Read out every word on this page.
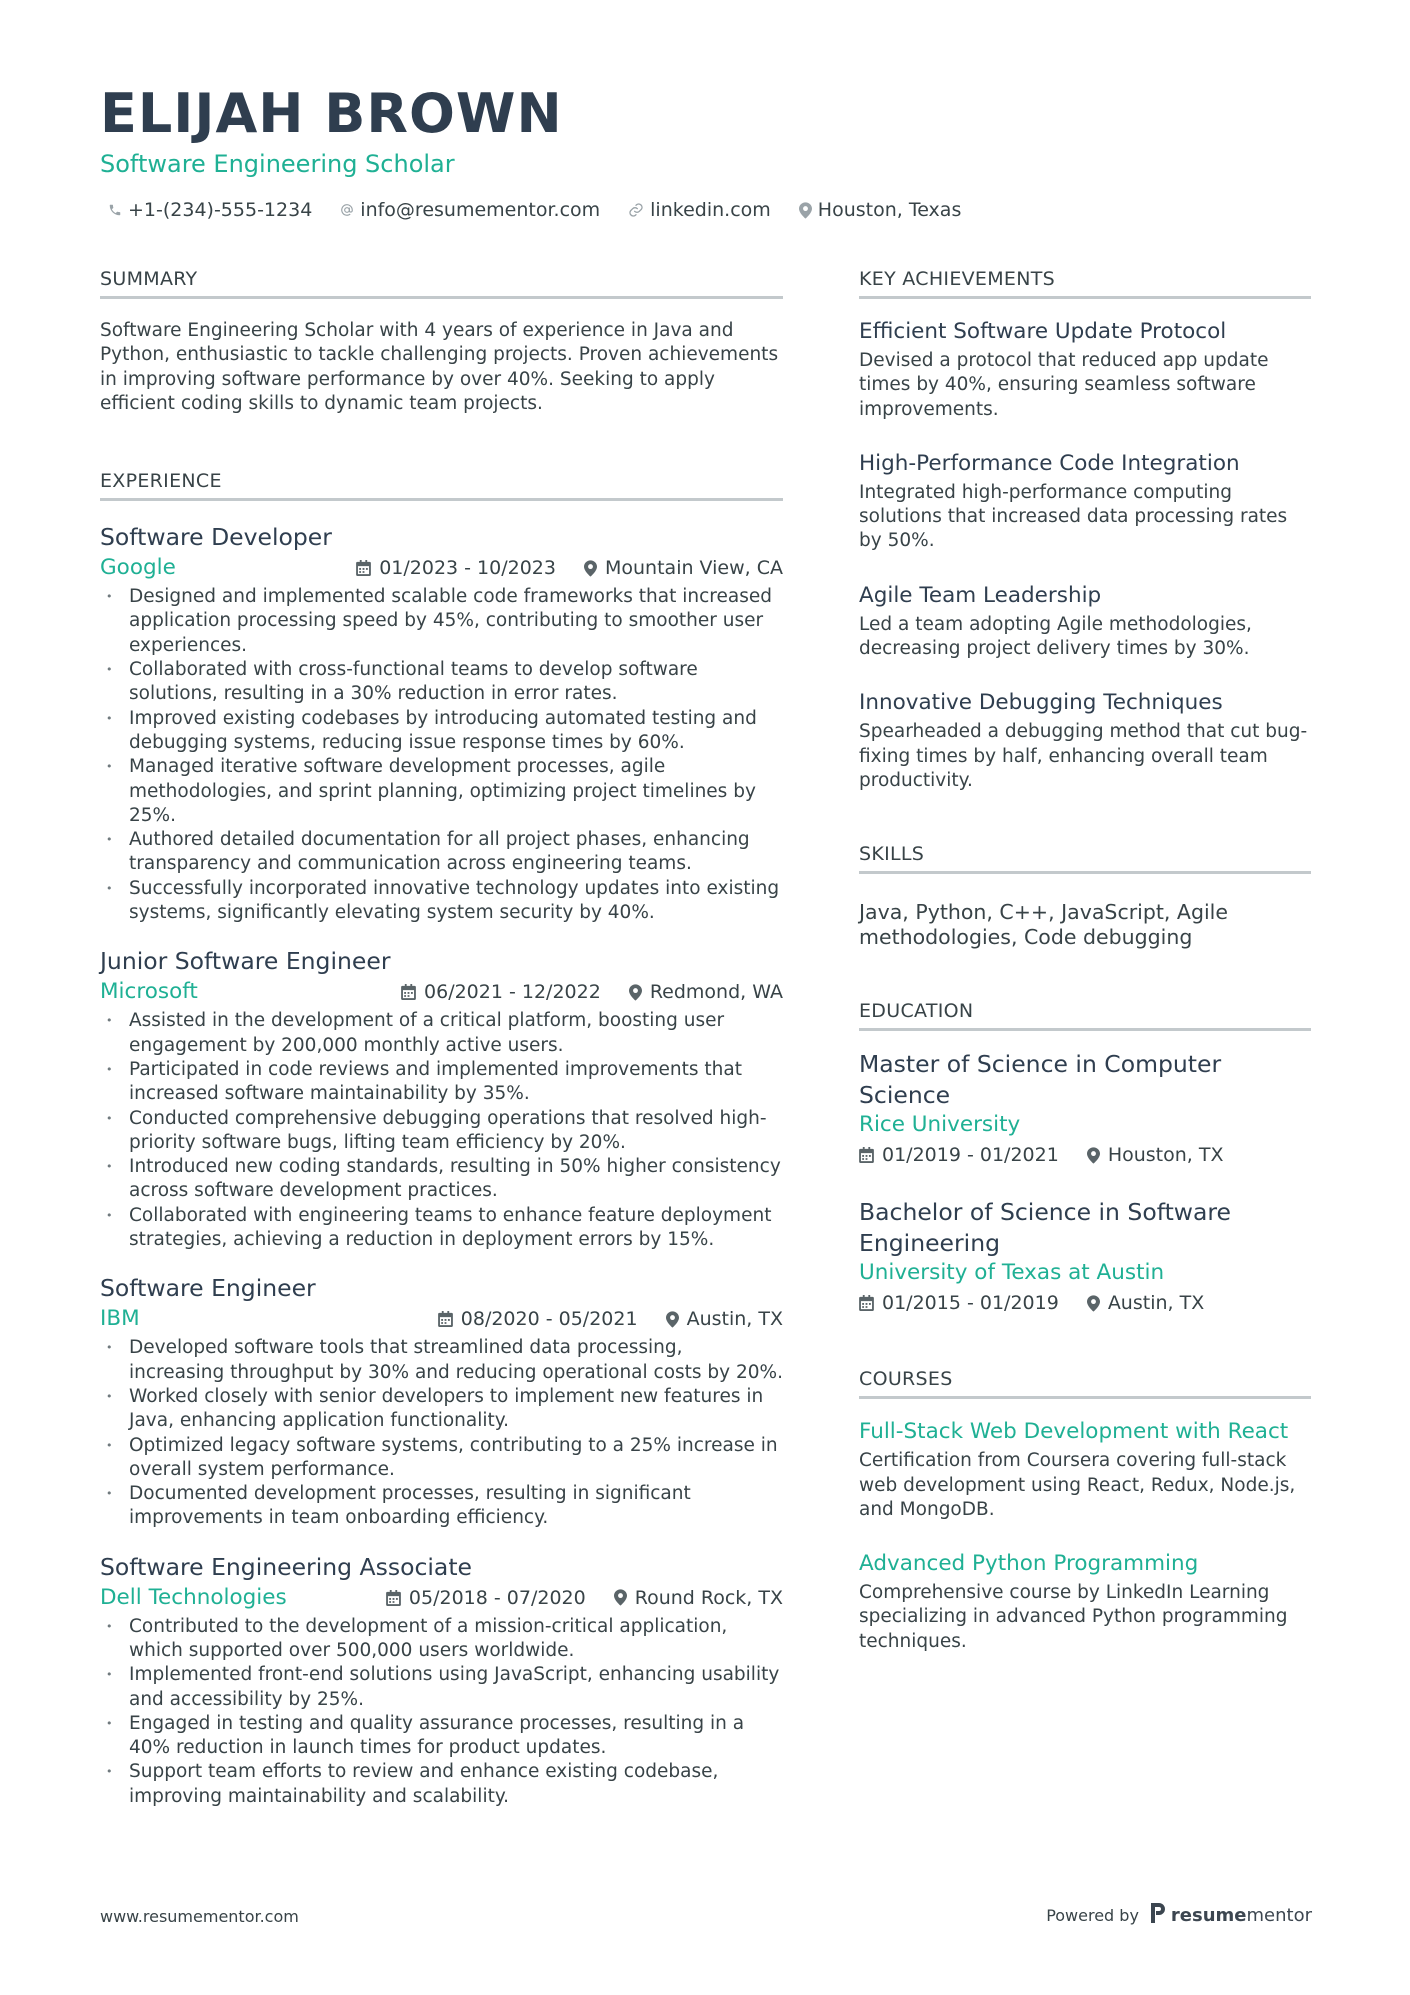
ELIJAH BROWN
Software Engineering Scholar
+1-(234)-555-1234	info@resumementor.com	linkedin.com Houston, Texas
SUMMARY
Software Engineering Scholar with 4 years of experience in Java and Python, enthusiastic to tackle challenging projects. Proven achievements in improving software performance by over 40%. Seeking to apply efficient coding skills to dynamic team projects.
EXPERIENCE
Software Developer
Google	01/2023 - 10/2023	Mountain View, CA
• Designed and implemented scalable code frameworks that increased application processing speed by 45%, contributing to smoother user experiences.
• Collaborated with cross-functional teams to develop software solutions, resulting in a 30% reduction in error rates.
• Improved existing codebases by introducing automated testing and debugging systems, reducing issue response times by 60%.
• Managed iterative software development processes, agile methodologies, and sprint planning, optimizing project timelines by 25%.
• Authored detailed documentation for all project phases, enhancing transparency and communication across engineering teams.
• Successfully incorporated innovative technology updates into existing systems, significantly elevating system security by 40%.
Junior Software Engineer
Microsoft	06/2021 - 12/2022	Redmond, WA
• Assisted in the development of a critical platform, boosting user engagement by 200,000 monthly active users.
• Participated in code reviews and implemented improvements that increased software maintainability by 35%.
• Conducted comprehensive debugging operations that resolved high-priority software bugs, lifting team efficiency by 20%.
• Introduced new coding standards, resulting in 50% higher consistency across software development practices.
• Collaborated with engineering teams to enhance feature deployment strategies, achieving a reduction in deployment errors by 15%.
Software Engineer
IBM	08/2020 - 05/2021	Austin, TX
• Developed software tools that streamlined data processing, increasing throughput by 30% and reducing operational costs by 20%.
• Worked closely with senior developers to implement new features in Java, enhancing application functionality.
• Optimized legacy software systems, contributing to a 25% increase in overall system performance.
• Documented development processes, resulting in significant improvements in team onboarding efficiency.
Software Engineering Associate
Dell Technologies	05/2018 - 07/2020	Round Rock, TX
• Contributed to the development of a mission-critical application, which supported over 500,000 users worldwide.
• Implemented front-end solutions using JavaScript, enhancing usability and accessibility by 25%.
• Engaged in testing and quality assurance processes, resulting in a 40% reduction in launch times for product updates.
• Support team efforts to review and enhance existing codebase, improving maintainability and scalability.
KEY ACHIEVEMENTS
Efficient Software Update Protocol
Devised a protocol that reduced app update times by 40%, ensuring seamless software improvements.
High-Performance Code Integration
Integrated high-performance computing solutions that increased data processing rates by 50%.
Agile Team Leadership
Led a team adopting Agile methodologies, decreasing project delivery times by 30%.
Innovative Debugging Techniques
Spearheaded a debugging method that cut bug-fixing times by half, enhancing overall team productivity.
SKILLS
Java, Python, C++, JavaScript, Agile methodologies, Code debugging
EDUCATION
Master of Science in Computer Science
Rice University
01/2019 - 01/2021	Houston, TX
Bachelor of Science in Software Engineering
University of Texas at Austin
01/2015 - 01/2019	Austin, TX
COURSES
Full-Stack Web Development with React
Certification from Coursera covering full-stack web development using React, Redux, Node.js, and MongoDB.
Advanced Python Programming
Comprehensive course by LinkedIn Learning specializing in advanced Python programming techniques.
www.resumementor.com	Powered by resumementor
